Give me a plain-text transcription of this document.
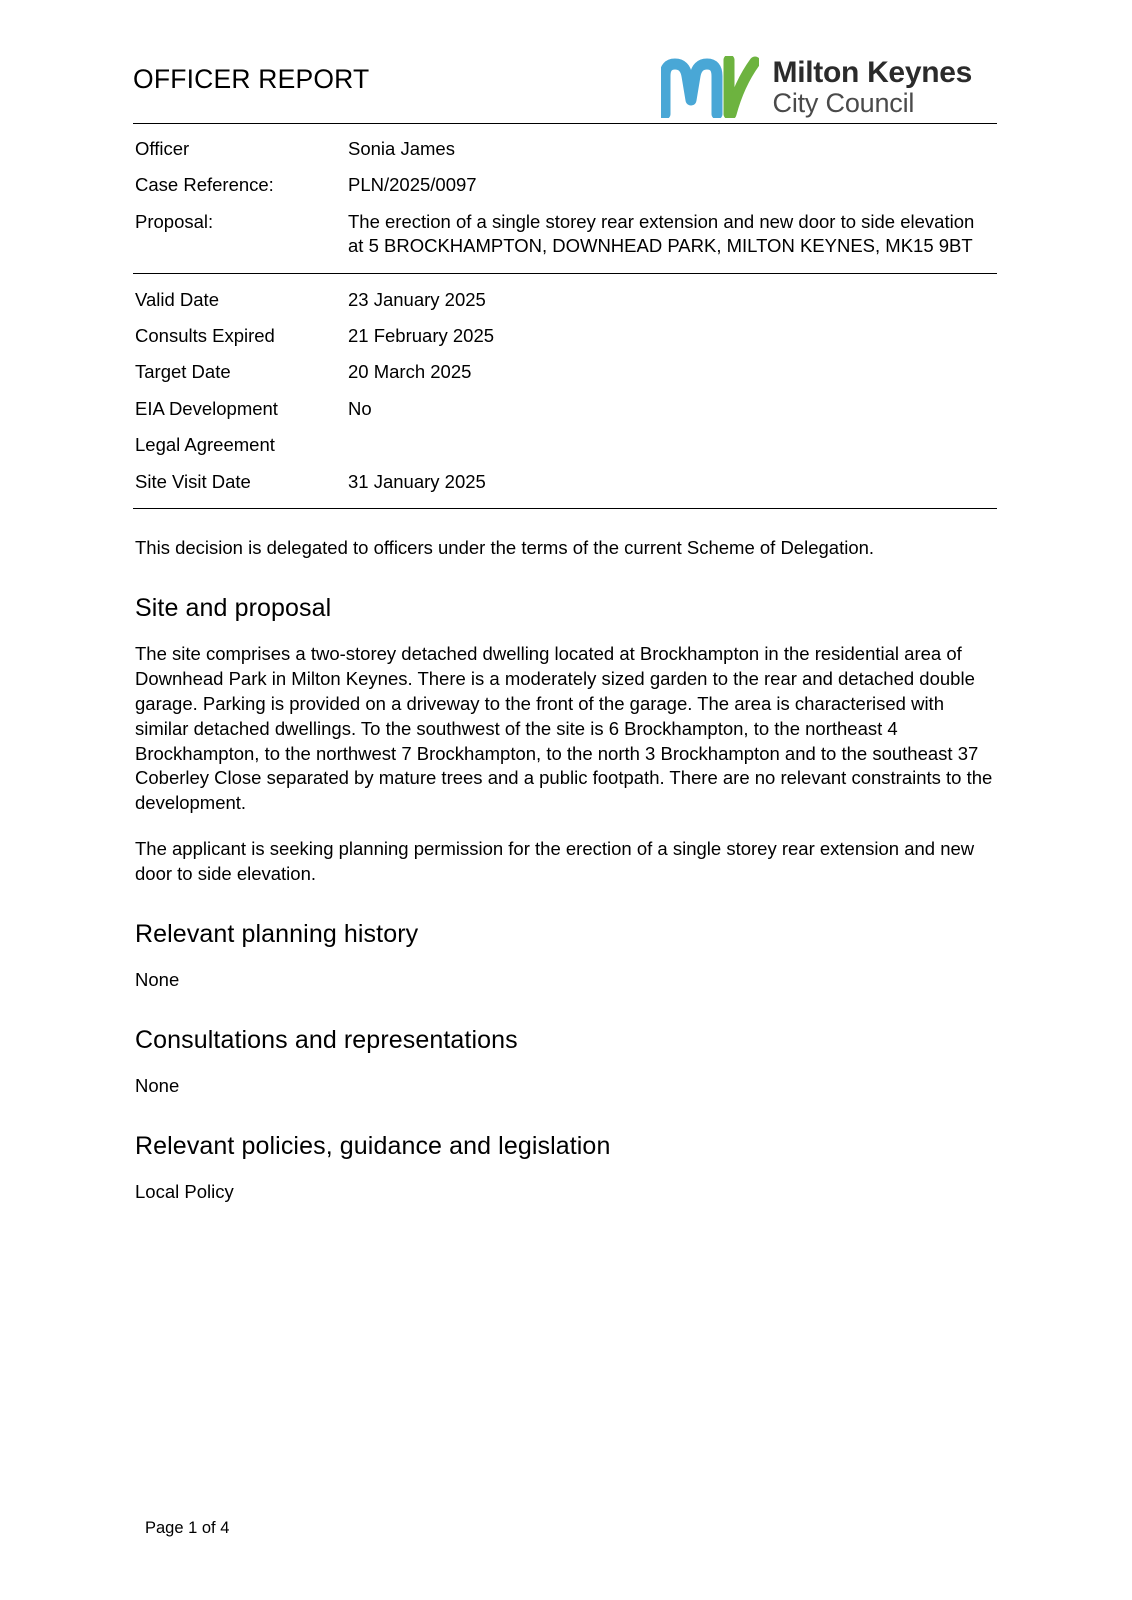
OFFICER REPORT	Milton Keynes
City Council
Officer	Sonia James
Case Reference:	PLN/2025/0097
Proposal:	The erection of a single storey rear extension and new door to side elevation at 5 BROCKHAMPTON, DOWNHEAD PARK, MILTON KEYNES, MK15 9BT
Valid Date	23 January 2025
Consults Expired	21 February 2025
Target Date	20 March 2025
EIA Development	No
Legal Agreement	
Site Visit Date	31 January 2025
This decision is delegated to officers under the terms of the current Scheme of Delegation.
Site and proposal

The site comprises a two-storey detached dwelling located at Brockhampton in the residential area of Downhead Park in Milton Keynes. There is a moderately sized garden to the rear and detached double garage. Parking is provided on a driveway to the front of the garage. The area is characterised with similar detached dwellings. To the southwest of the site is 6 Brockhampton, to the northeast 4 Brockhampton, to the northwest 7 Brockhampton, to the north 3 Brockhampton and to the southeast 37 Coberley Close separated by mature trees and a public footpath. There are no relevant constraints to the development.

The applicant is seeking planning permission for the erection of a single storey rear extension and new door to side elevation.

Relevant planning history

None

Consultations and representations

None

Relevant policies, guidance and legislation

Local Policy

Page 1 of 4
